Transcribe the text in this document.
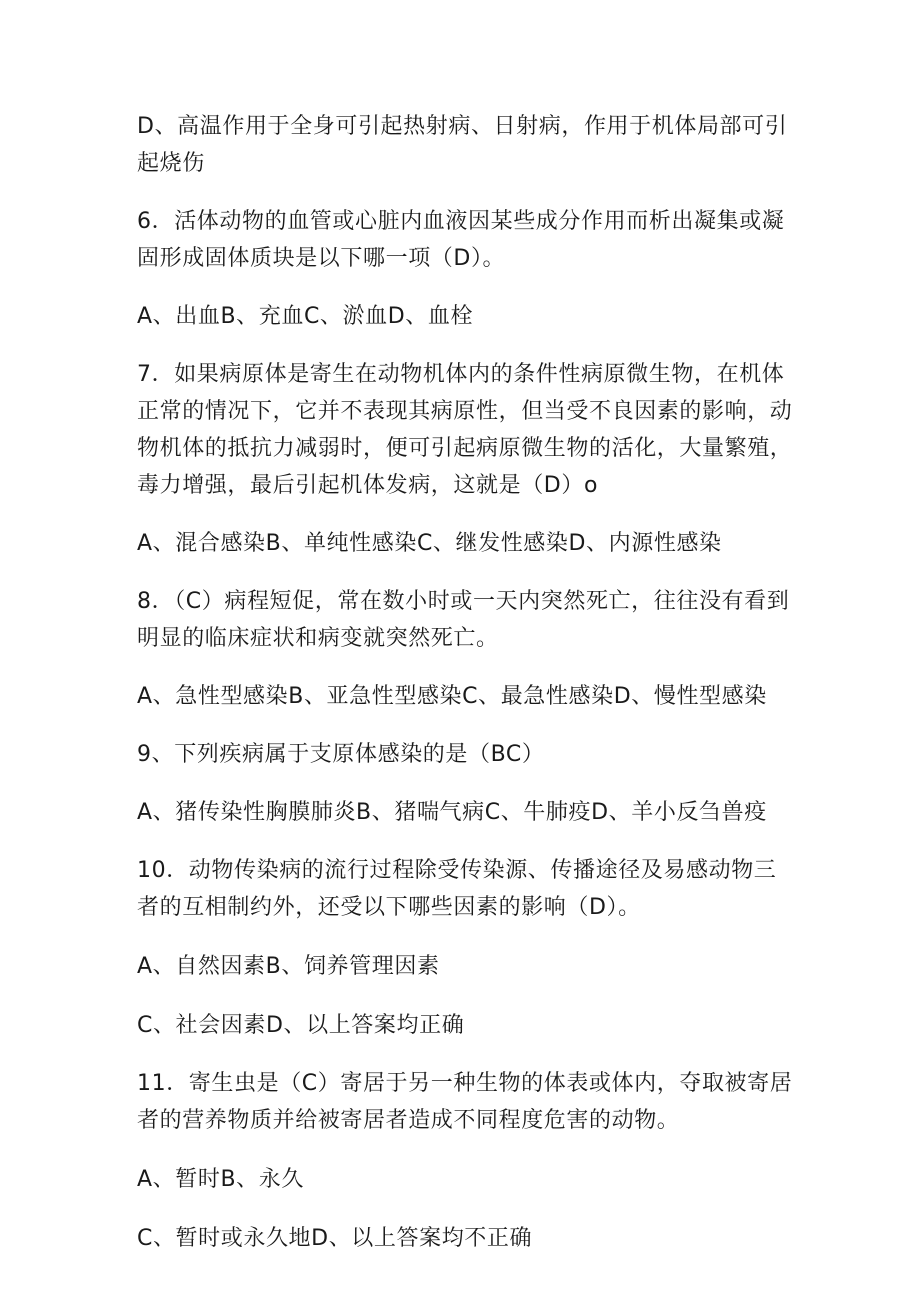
D、高温作用于全身可引起热射病、日射病，作用于机体局部可引起烧伤

6．活体动物的血管或心脏内血液因某些成分作用而析出凝集或凝固形成固体质块是以下哪一项（D）。

A、出血B、充血C、淤血D、血栓

7．如果病原体是寄生在动物机体内的条件性病原微生物，在机体正常的情况下，它并不表现其病原性，但当受不良因素的影响，动物机体的抵抗力减弱时，便可引起病原微生物的活化，大量繁殖，毒力增强，最后引起机体发病，这就是（D）o

A、混合感染B、单纯性感染C、继发性感染D、内源性感染

8．（C）病程短促，常在数小时或一天内突然死亡，往往没有看到明显的临床症状和病变就突然死亡。

A、急性型感染B、亚急性型感染C、最急性感染D、慢性型感染

9、下列疾病属于支原体感染的是（BC）

A、猪传染性胸膜肺炎B、猪喘气病C、牛肺疫D、羊小反刍兽疫

10．动物传染病的流行过程除受传染源、传播途径及易感动物三者的互相制约外，还受以下哪些因素的影响（D）。

A、自然因素B、饲养管理因素

C、社会因素D、以上答案均正确

11．寄生虫是（C）寄居于另一种生物的体表或体内，夺取被寄居者的营养物质并给被寄居者造成不同程度危害的动物。

A、暂时B、永久

C、暂时或永久地D、以上答案均不正确
